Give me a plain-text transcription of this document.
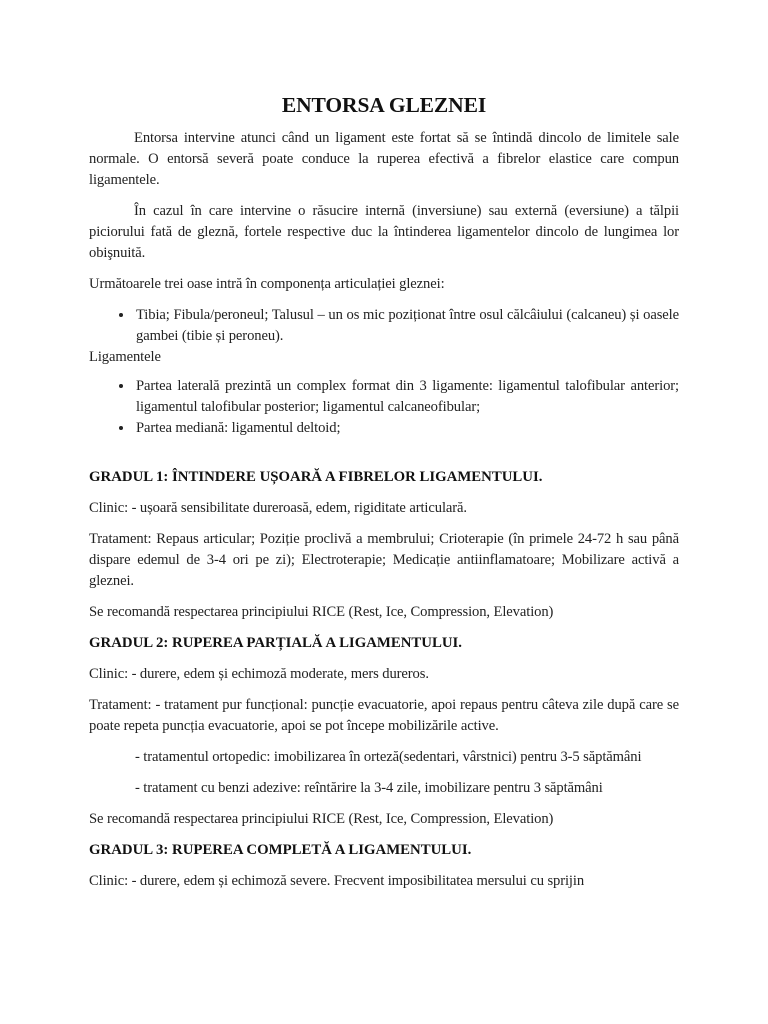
ENTORSA GLEZNEI

Entorsa intervine atunci când un ligament este fortat să se întindă dincolo de limitele sale normale. O entorsă severă poate conduce la ruperea efectivă a fibrelor elastice care compun ligamentele.

În cazul în care intervine o răsucire internă (inversiune) sau externă (eversiune) a tălpii piciorului fată de gleznă, fortele respective duc la întinderea ligamentelor dincolo de lungimea lor obişnuită.

Următoarele trei oase intră în componența articulației gleznei:

• Tibia; Fibula/peroneul; Talusul – un os mic poziționat între osul călcâiului (calcaneu) și oasele gambei (tibie și peroneu).

Ligamentele

• Partea laterală prezintă un complex format din 3 ligamente: ligamentul talofibular anterior; ligamentul talofibular posterior; ligamentul calcaneofibular;
• Partea mediană: ligamentul deltoid;
GRADUL 1: ÎNTINDERE UȘOARĂ A FIBRELOR LIGAMENTULUI.

Clinic: - ușoară sensibilitate dureroasă, edem, rigiditate articulară.

Tratament: Repaus articular; Poziție proclivă a membrului; Crioterapie (în primele 24-72 h sau până dispare edemul de 3-4 ori pe zi); Electroterapie; Medicație antiinflamatoare; Mobilizare activă a gleznei.

Se recomandă respectarea principiului RICE (Rest, Ice, Compression, Elevation)

GRADUL 2: RUPEREA PARȚIALĂ A LIGAMENTULUI.

Clinic: - durere, edem și echimoză moderate, mers dureros.

Tratament: - tratament pur funcțional: puncție evacuatorie, apoi repaus pentru câteva zile după care se poate repeta puncția evacuatorie, apoi se pot începe mobilizările active.

- tratamentul ortopedic: imobilizarea în orteză(sedentari, vârstnici) pentru 3-5 săptămâni

- tratament cu benzi adezive: reîntărire la 3-4 zile, imobilizare pentru 3 săptămâni

Se recomandă respectarea principiului RICE (Rest, Ice, Compression, Elevation)

GRADUL 3: RUPEREA COMPLETĂ A LIGAMENTULUI.

Clinic: - durere, edem și echimoză severe. Frecvent imposibilitatea mersului cu sprijin
